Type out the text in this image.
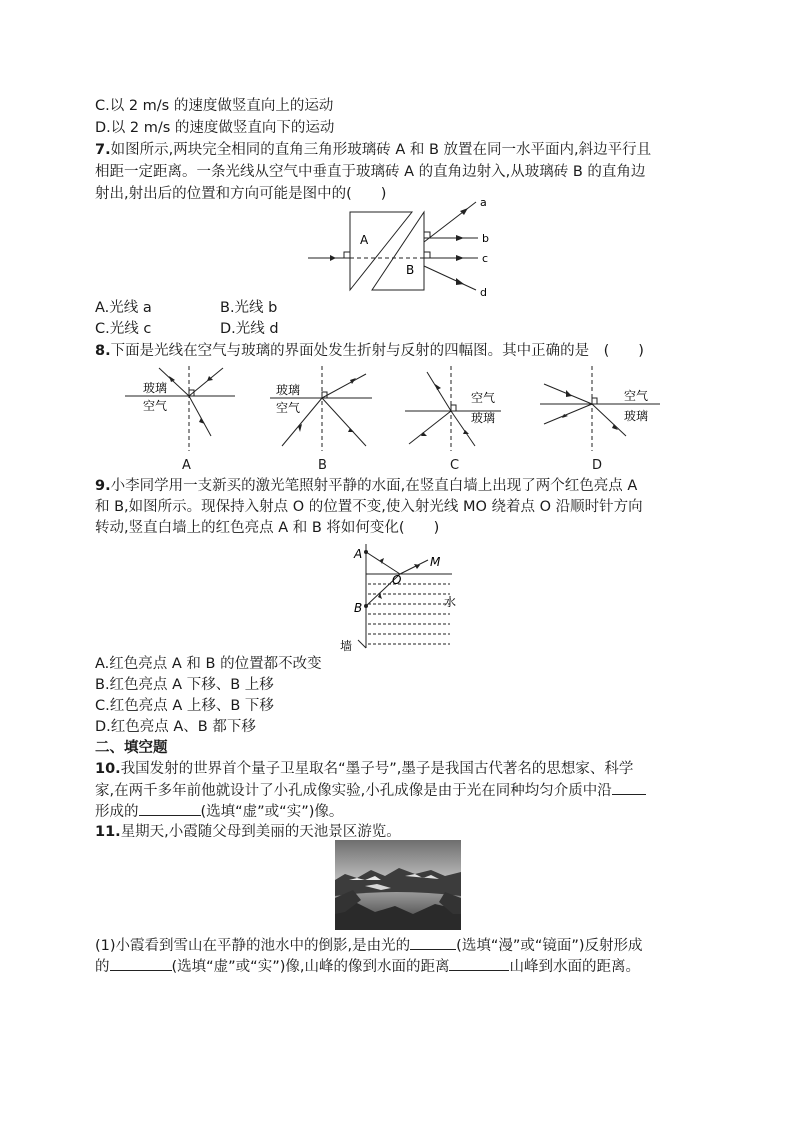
C.以 2 m/s 的速度做竖直向上的运动
D.以 2 m/s 的速度做竖直向下的运动
7.如图所示,两块完全相同的直角三角形玻璃砖 A 和 B 放置在同一水平面内,斜边平行且
相距一定距离。一条光线从空气中垂直于玻璃砖 A 的直角边射入,从玻璃砖 B 的直角边
射出,射出后的位置和方向可能是图中的(　　)
A
B
a
b
c
d
A.光线 a	B.光线 b
C.光线 c	D.光线 d
8.下面是光线在空气与玻璃的界面处发生折射与反射的四幅图。其中正确的是　(　　)
玻璃
空气
A
玻璃
空气
B
空气
玻璃
C
空气
玻璃
D
9.小李同学用一支新买的激光笔照射平静的水面,在竖直白墙上出现了两个红色亮点 A
和 B,如图所示。现保持入射点 O 的位置不变,使入射光线 MO 绕着点 O 沿顺时针方向
转动,竖直白墙上的红色亮点 A 和 B 将如何变化(　　)
A
B
O
M
水
墙
A.红色亮点 A 和 B 的位置都不改变
B.红色亮点 A 下移、B 上移
C.红色亮点 A 上移、B 下移
D.红色亮点 A、B 都下移
二、填空题
10.我国发射的世界首个量子卫星取名“墨子号”,墨子是我国古代著名的思想家、科学
家,在两千多年前他就设计了小孔成像实验,小孔成像是由于光在同种均匀介质中沿
形成的	(选填“虚”或“实”)像。
11.星期天,小霞随父母到美丽的天池景区游览。
(1)小霞看到雪山在平静的池水中的倒影,是由光的	(选填“漫”或“镜面”)反射形成
的	(选填“虚”或“实”)像,山峰的像到水面的距离	山峰到水面的距离。
